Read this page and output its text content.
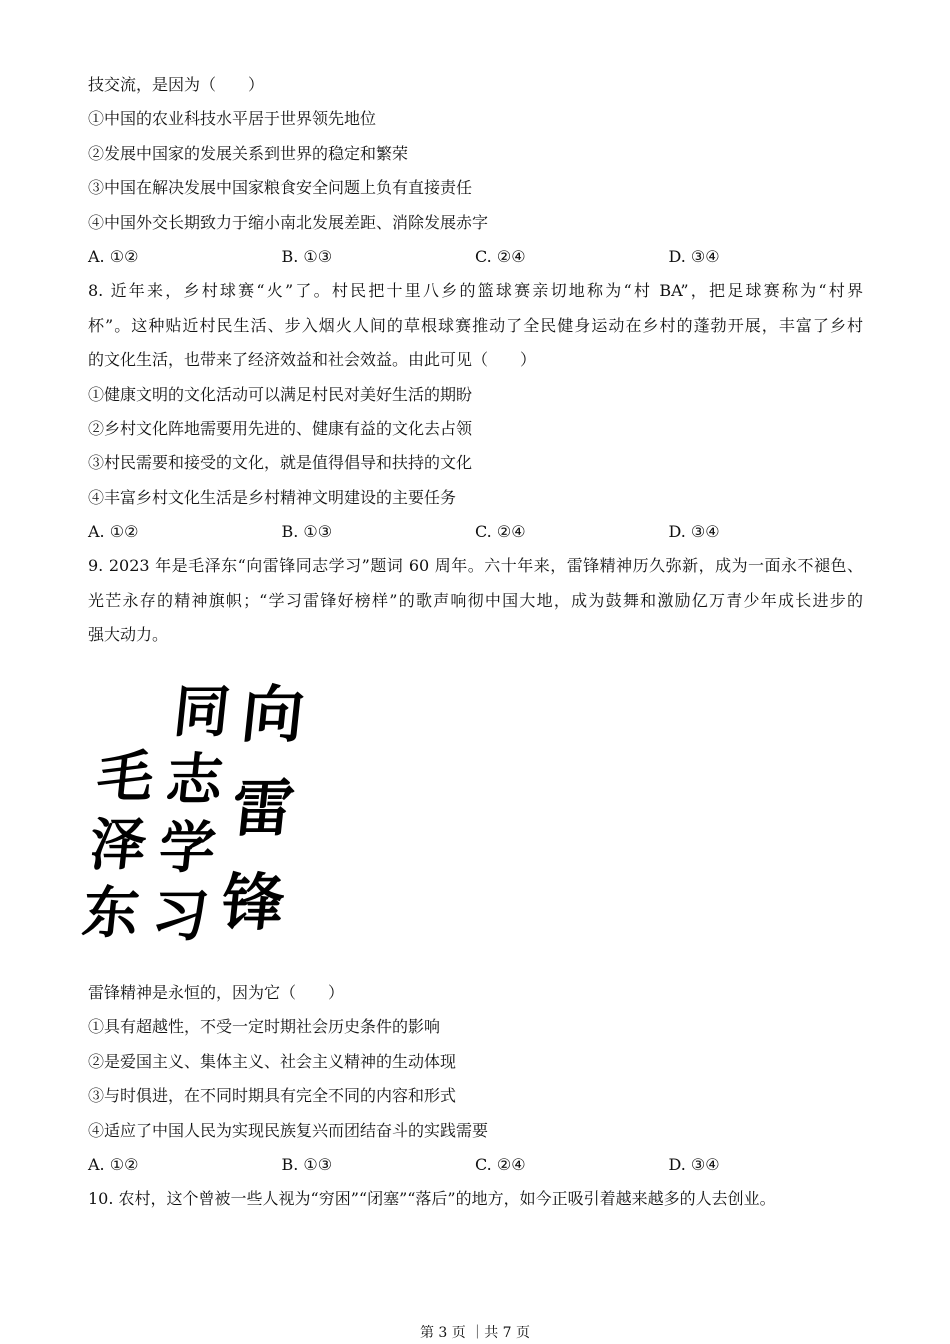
技交流，是因为（　　）
①中国的农业科技水平居于世界领先地位
②发展中国家的发展关系到世界的稳定和繁荣
③中国在解决发展中国家粮食安全问题上负有直接责任
④中国外交长期致力于缩小南北发展差距、消除发展赤字
A. ①②	B. ①③	C. ②④	D. ③④
8. 近年来，乡村球赛“火”了。村民把十里八乡的篮球赛亲切地称为“村 BA”，把足球赛称为“村界
杯”。这种贴近村民生活、步入烟火人间的草根球赛推动了全民健身运动在乡村的蓬勃开展，丰富了乡村
的文化生活，也带来了经济效益和社会效益。由此可见（　　）
①健康文明的文化活动可以满足村民对美好生活的期盼
②乡村文化阵地需要用先进的、健康有益的文化去占领
③村民需要和接受的文化，就是值得倡导和扶持的文化
④丰富乡村文化生活是乡村精神文明建设的主要任务
A. ①②	B. ①③	C. ②④	D. ③④
9. 2023 年是毛泽东“向雷锋同志学习”题词 60 周年。六十年来，雷锋精神历久弥新，成为一面永不褪色、
光芒永存的精神旗帜；“学习雷锋好榜样”的歌声响彻中国大地，成为鼓舞和激励亿万青少年成长进步的
强大动力。
向雷锋
同志学习
毛泽东
雷锋精神是永恒的，因为它（　　）
①具有超越性，不受一定时期社会历史条件的影响
②是爱国主义、集体主义、社会主义精神的生动体现
③与时俱进，在不同时期具有完全不同的内容和形式
④适应了中国人民为实现民族复兴而团结奋斗的实践需要
A. ①②	B. ①③	C. ②④	D. ③④
10. 农村，这个曾被一些人视为“穷困”“闭塞”“落后”的地方，如今正吸引着越来越多的人去创业。
第 3 页 ｜共 7 页
